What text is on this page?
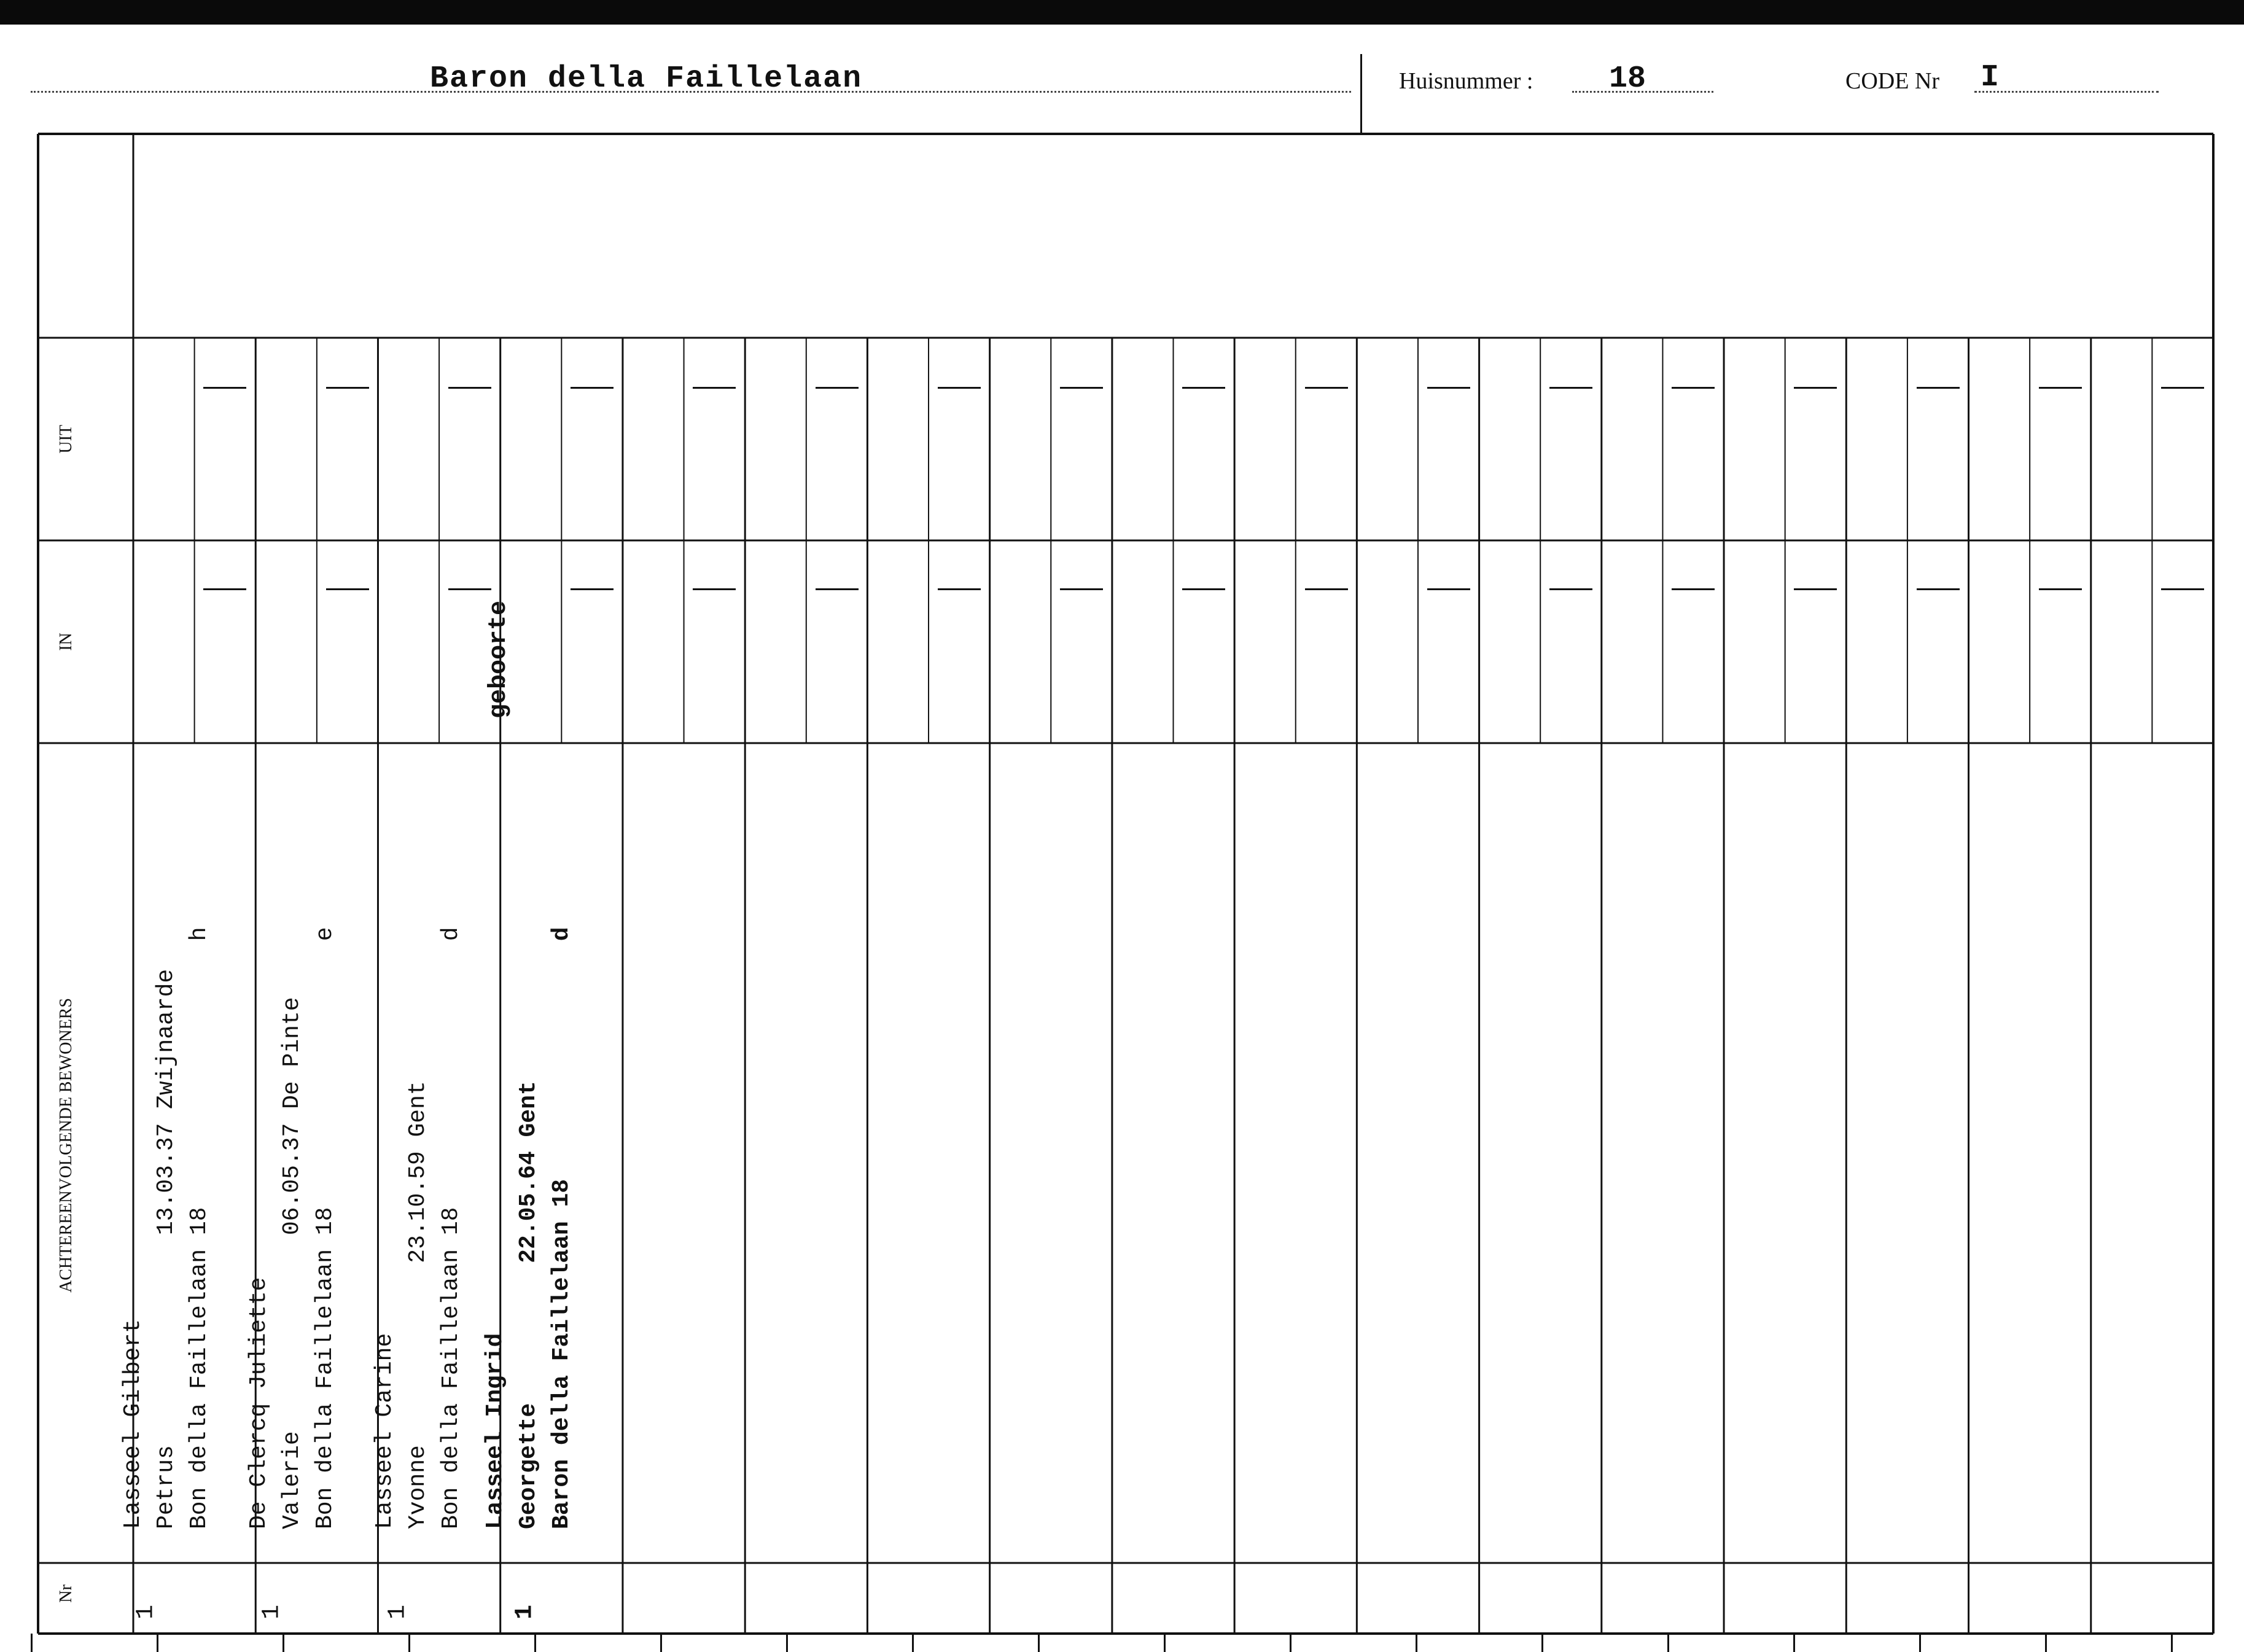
Baron della Faillelaan	Huisnummer : 18	CODE Nr I
UIT
IN
ACHTEREENVOLGENDE BEWONERS
Nr
Lasseel Gilbert
Petrus               13.03.37 Zwijnaarde
Bon della Faillelaan 18                   h
De Clercq Juliette
Valerie              06.05.37 De Pinte
Bon della Faillelaan 18                   e
Lasseel Carine
Yvonne             23.10.59 Gent
Bon della Faillelaan 18                   d
Lasseel Ingrid
Georgette          22.05.64 Gent
Baron della Faillelaan 18                 d
geboorte
1	1	1	1
